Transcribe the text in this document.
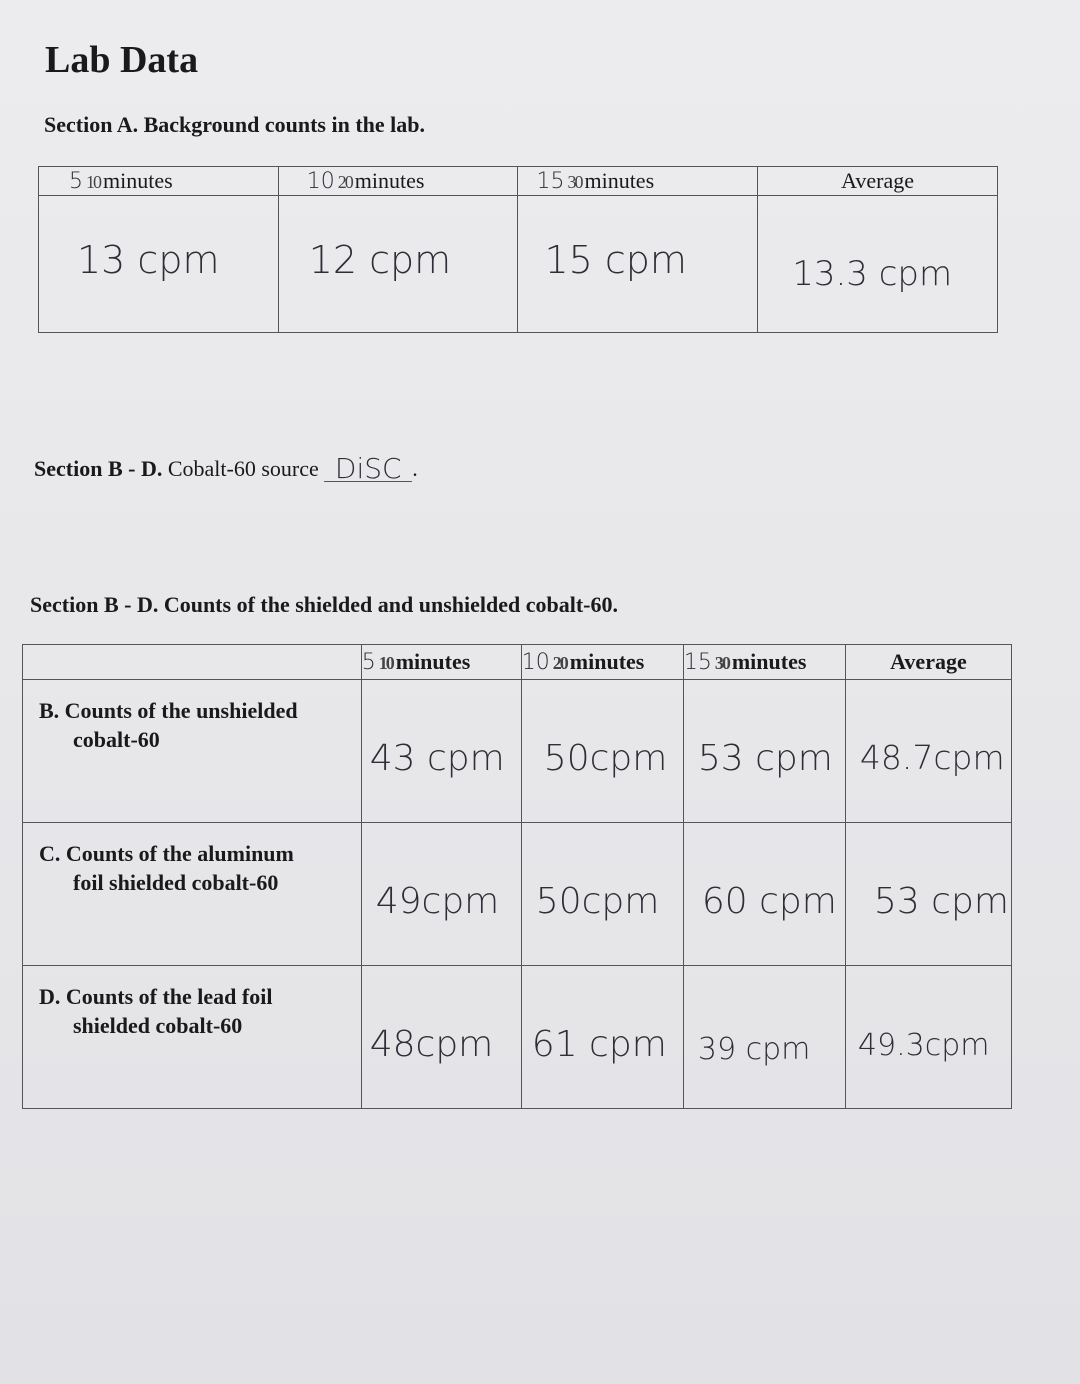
Lab Data
Section A. Background counts in the lab.
5 10 minutes	10 20 minutes	15 30 minutes	Average

13 cpm	12 cpm	15 cpm	13.3 cpm
Section B - D. Cobalt-60 source DiSC .
Section B - D. Counts of the shielded and unshielded cobalt-60.
	5 10 minutes	10 20 minutes	15 30 minutes	Average

B. Counts of the unshielded
cobalt-60	43 cpm	50cpm	53 cpm	48.7cpm

C. Counts of the aluminum
foil shielded cobalt-60	49cpm	50cpm	60 cpm	53 cpm

D. Counts of the lead foil
shielded cobalt-60	48cpm	61 cpm	39 cpm	49.3cpm
